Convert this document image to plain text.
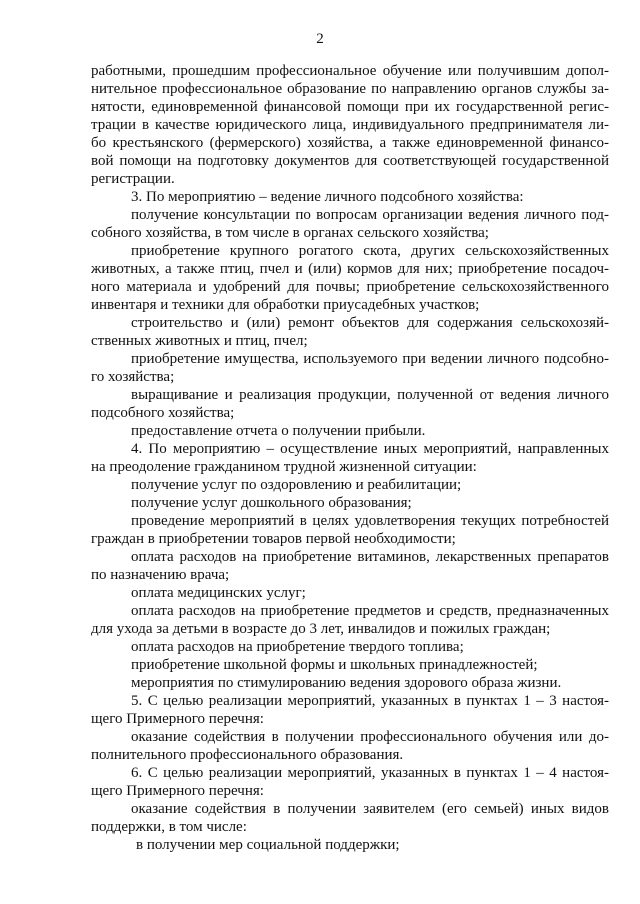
2
работными, прошедшим профессиональное обучение или получившим допол-
нительное профессиональное образование по направлению органов службы за-
нятости, единовременной финансовой помощи при их государственной регис-
трации в качестве юридического лица, индивидуального предпринимателя ли-
бо крестьянского (фермерского) хозяйства, а также единовременной финансо-
вой помощи на подготовку документов для соответствующей государственной
регистрации.
3. По мероприятию – ведение личного подсобного хозяйства:
получение консультации по вопросам организации ведения личного под-
собного хозяйства, в том числе в органах сельского хозяйства;
приобретение крупного рогатого скота, других сельскохозяйственных
животных, а также птиц, пчел и (или) кормов для них; приобретение посадоч-
ного материала и удобрений для почвы; приобретение сельскохозяйственного
инвентаря и техники для обработки приусадебных участков;
строительство и (или) ремонт объектов для содержания сельскохозяй-
ственных животных и птиц, пчел;
приобретение имущества, используемого при ведении личного подсобно-
го хозяйства;
выращивание и реализация продукции, полученной от ведения личного
подсобного хозяйства;
предоставление отчета о получении прибыли.
4. По мероприятию – осуществление иных мероприятий, направленных
на преодоление гражданином трудной жизненной ситуации:
получение услуг по оздоровлению и реабилитации;
получение услуг дошкольного образования;
проведение мероприятий в целях удовлетворения текущих потребностей
граждан в приобретении товаров первой необходимости;
оплата расходов на приобретение витаминов, лекарственных препаратов
по назначению врача;
оплата медицинских услуг;
оплата расходов на приобретение предметов и средств, предназначенных
для ухода за детьми в возрасте до 3 лет, инвалидов и пожилых граждан;
оплата расходов на приобретение твердого топлива;
приобретение школьной формы и школьных принадлежностей;
мероприятия по стимулированию ведения здорового образа жизни.
5. С целью реализации мероприятий, указанных в пунктах 1 – 3 настоя-
щего Примерного перечня:
оказание содействия в получении профессионального обучения или до-
полнительного профессионального образования.
6. С целью реализации мероприятий, указанных в пунктах 1 – 4 настоя-
щего Примерного перечня:
оказание содействия в получении заявителем (его семьей) иных видов
поддержки, в том числе:
в получении мер социальной поддержки;
